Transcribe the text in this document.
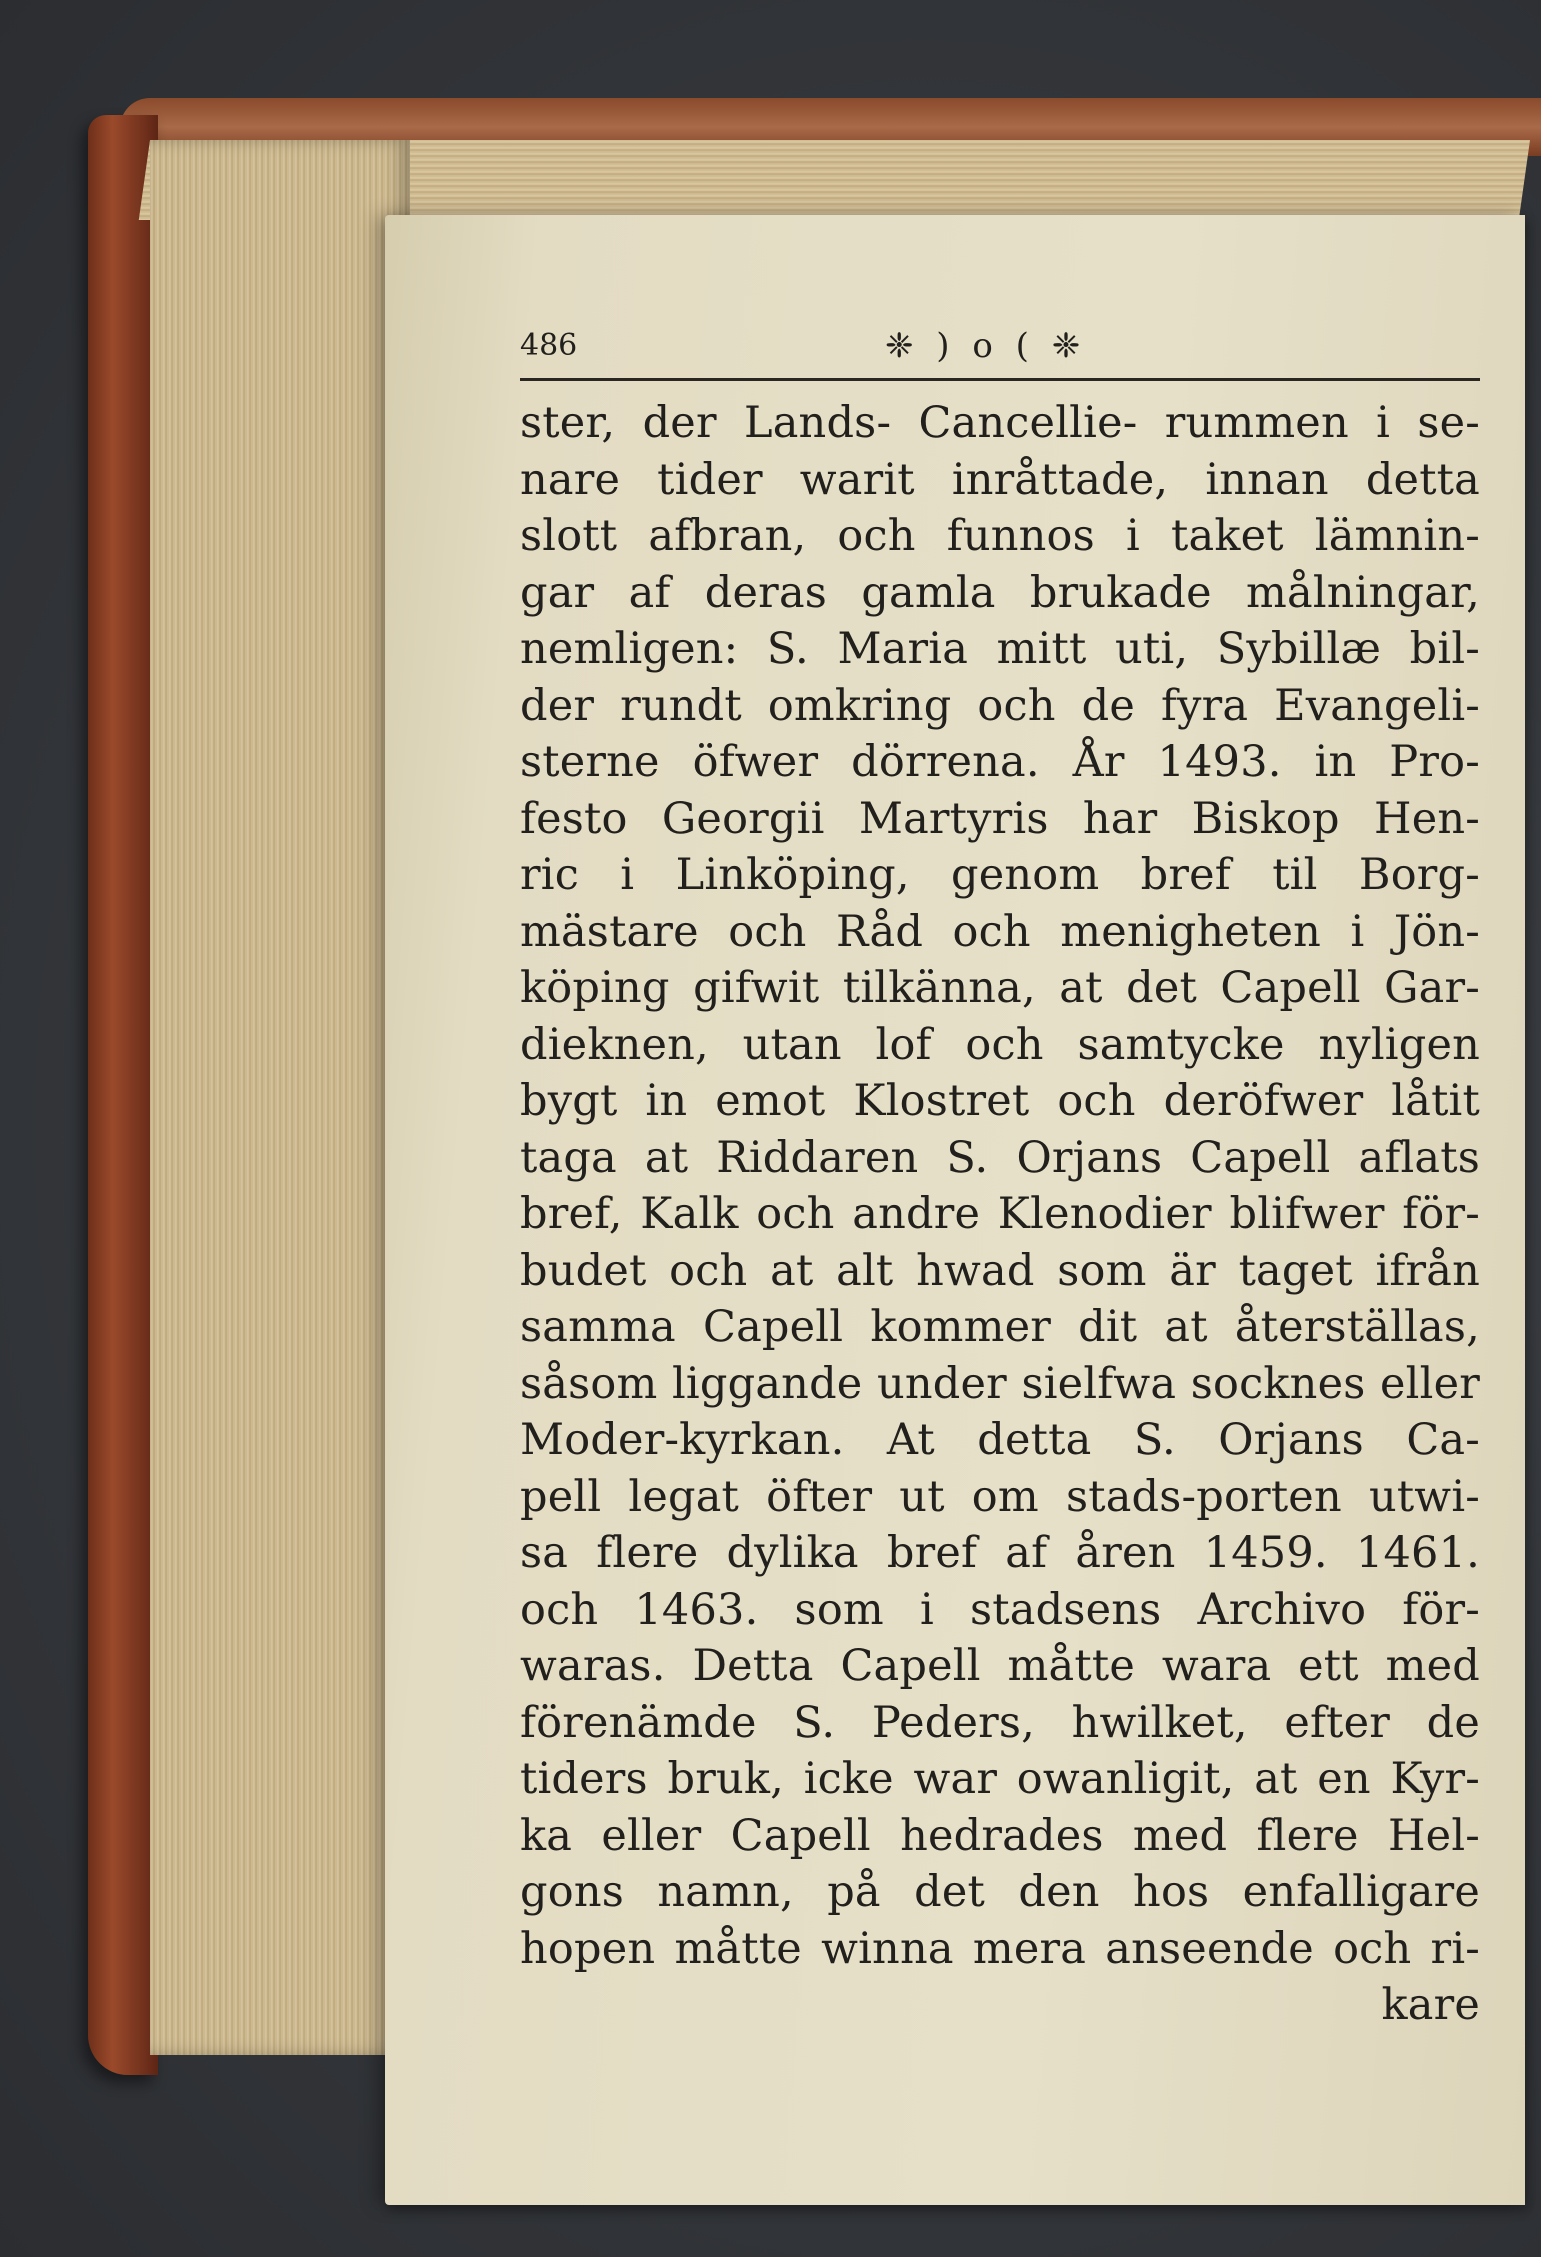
486	❈ ) o ( ❈
ster, der Lands- Cancellie- rummen i se-
nare tider warit inråttade, innan detta
slott afbran, och funnos i taket lämnin-
gar af deras gamla brukade målningar,
nemligen: S. Maria mitt uti, Sybillæ bil-
der rundt omkring och de fyra Evangeli-
sterne öfwer dörrena. År 1493. in Pro-
festo Georgii Martyris har Biskop Hen-
ric i Linköping, genom bref til Borg-
mästare och Råd och menigheten i Jön-
köping gifwit tilkänna, at det Capell Gar-
dieknen, utan lof och samtycke nyligen
bygt in emot Klostret och deröfwer låtit
taga at Riddaren S. Orjans Capell aflats
bref, Kalk och andre Klenodier blifwer för-
budet och at alt hwad som är taget ifrån
samma Capell kommer dit at återställas,
såsom liggande under sielfwa socknes eller
Moder-kyrkan. At detta S. Orjans Ca-
pell legat öfter ut om stads-porten utwi-
sa flere dylika bref af åren 1459. 1461.
och 1463. som i stadsens Archivo för-
waras. Detta Capell måtte wara ett med
förenämde S. Peders, hwilket, efter de
tiders bruk, icke war owanligit, at en Kyr-
ka eller Capell hedrades med flere Hel-
gons namn, på det den hos enfalligare
hopen måtte winna mera anseende och ri-
kare
